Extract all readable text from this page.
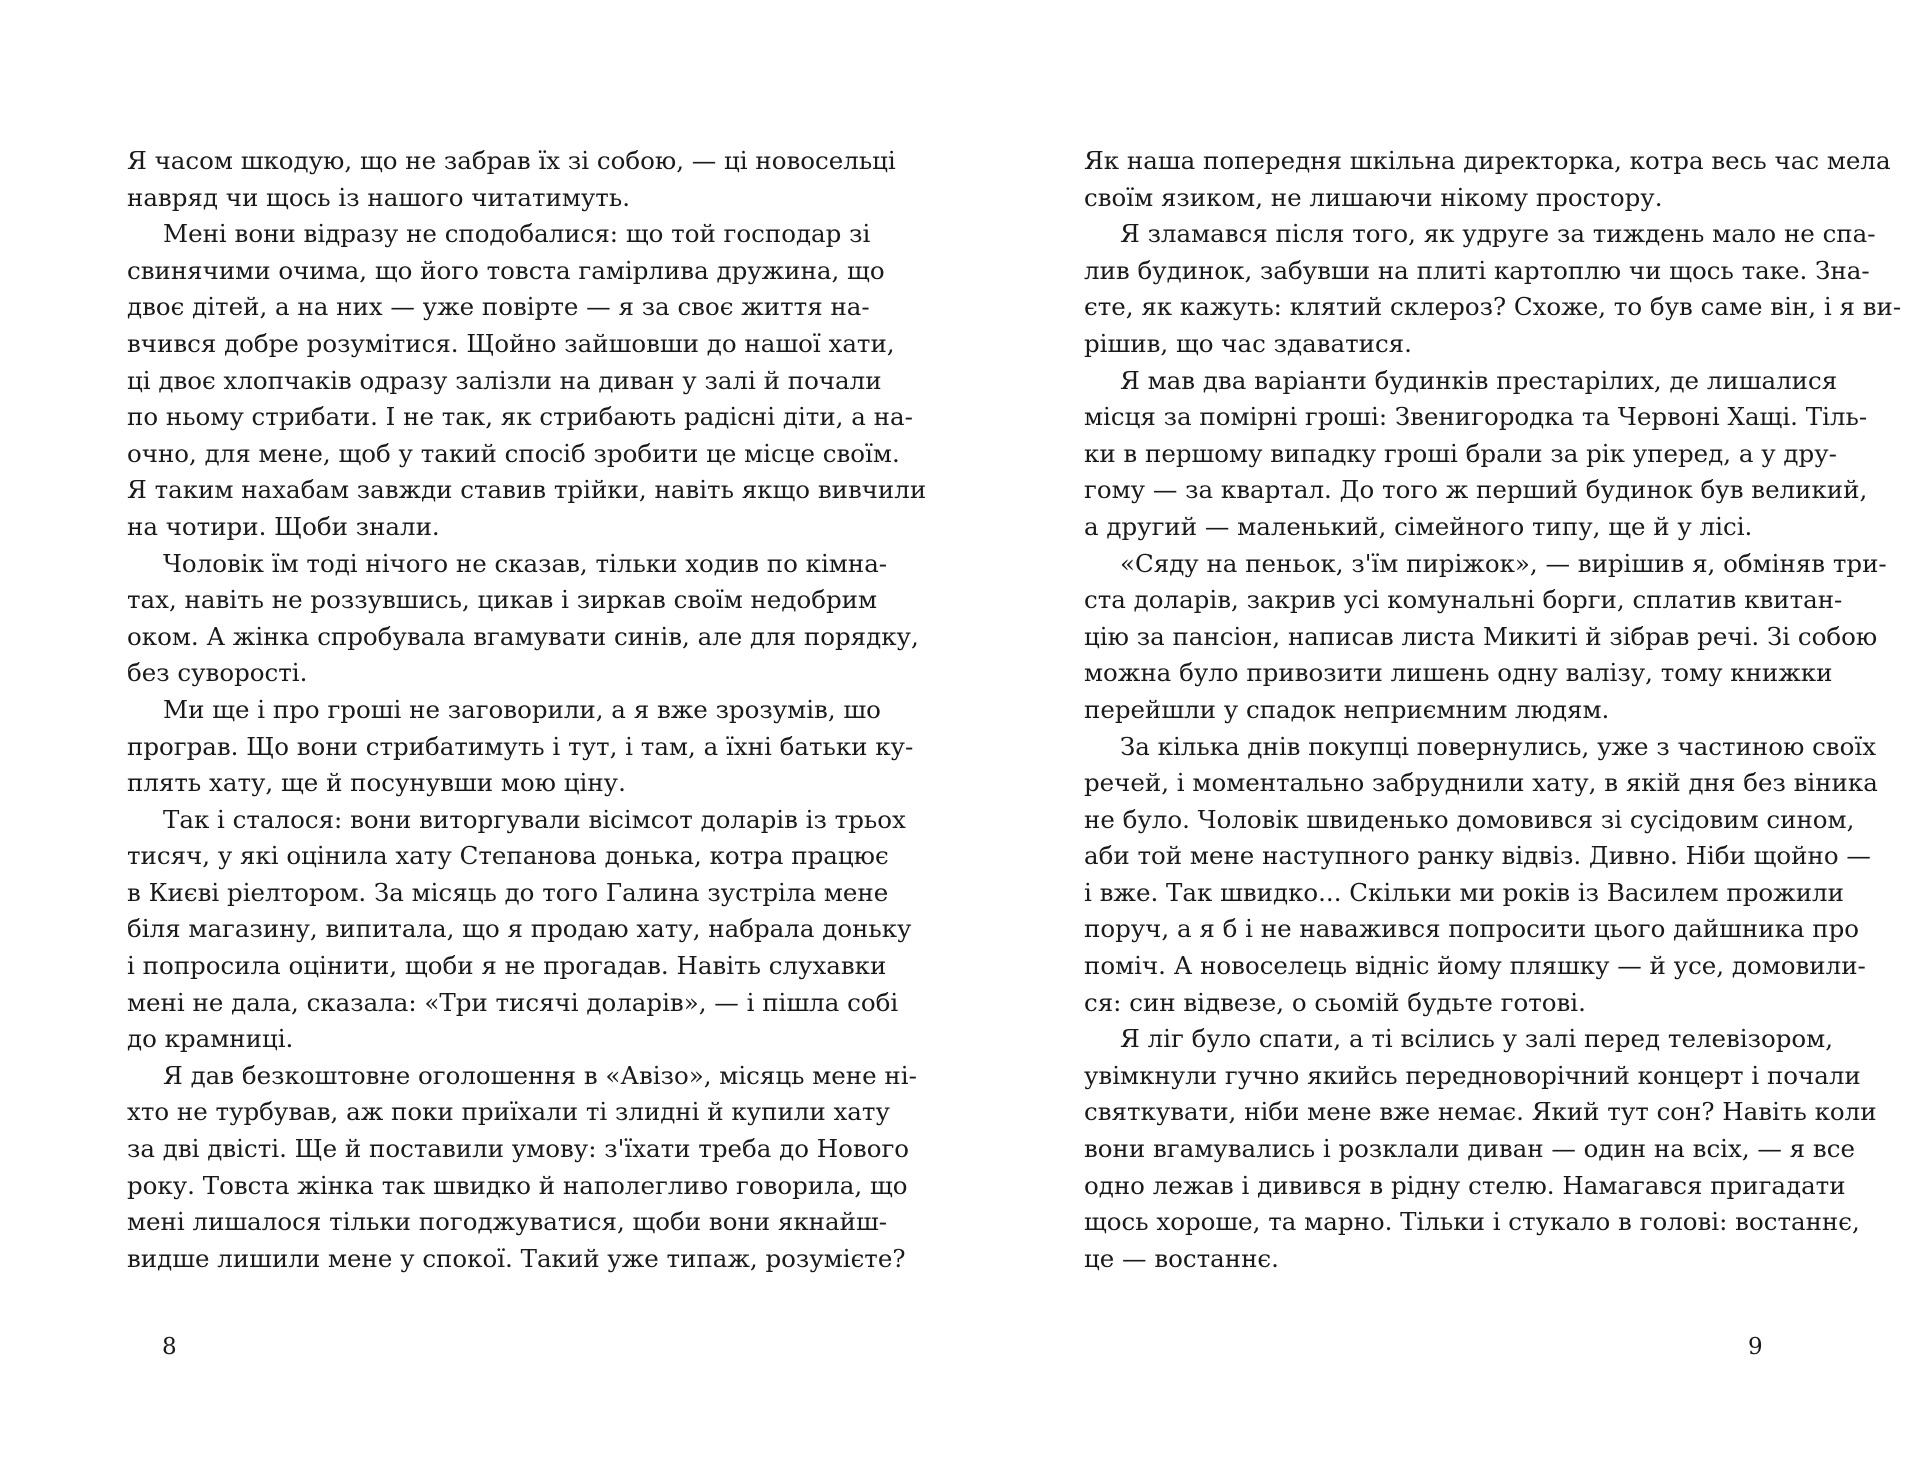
Я часом шкодую, що не забрав їх зі собою, — ці новосельці
навряд чи щось із нашого читатимуть.
Мені вони відразу не сподобалися: що той господар зі
свинячими очима, що його товста гамірлива дружина, що
двоє дітей, а на них — уже повірте — я за своє життя на-
вчився добре розумітися. Щойно зайшовши до нашої хати,
ці двоє хлопчаків одразу залізли на диван у залі й почали
по ньому стрибати. І не так, як стрибають радісні діти, а на-
очно, для мене, щоб у такий спосіб зробити це місце своїм.
Я таким нахабам завжди ставив трійки, навіть якщо вивчили
на чотири. Щоби знали.
Чоловік їм тоді нічого не сказав, тільки ходив по кімна-
тах, навіть не роззувшись, цикав і зиркав своїм недобрим
оком. А жінка спробувала вгамувати синів, але для порядку,
без суворості.
Ми ще і про гроші не заговорили, а я вже зрозумів, шо
програв. Що вони стрибатимуть і тут, і там, а їхні батьки ку-
плять хату, ще й посунувши мою ціну.
Так і сталося: вони виторгували вісімсот доларів із трьох
тисяч, у які оцінила хату Степанова донька, котра працює
в Києві ріелтором. За місяць до того Галина зустріла мене
біля магазину, випитала, що я продаю хату, набрала доньку
і попросила оцінити, щоби я не прогадав. Навіть слухавки
мені не дала, сказала: «Три тисячі доларів», — і пішла собі
до крамниці.
Я дав безкоштовне оголошення в «Авізо», місяць мене ні-
хто не турбував, аж поки приїхали ті злидні й купили хату
за дві двісті. Ще й поставили умову: з'їхати треба до Нового
року. Товста жінка так швидко й наполегливо говорила, що
мені лишалося тільки погоджуватися, щоби вони якнайш-
видше лишили мене у спокої. Такий уже типаж, розумієте?
Як наша попередня шкільна директорка, котра весь час мела
своїм язиком, не лишаючи нікому простору.
Я зламався після того, як удруге за тиждень мало не спа-
лив будинок, забувши на плиті картоплю чи щось таке. Зна-
єте, як кажуть: клятий склероз? Схоже, то був саме він, і я ви-
рішив, що час здаватися.
Я мав два варіанти будинків престарілих, де лишалися
місця за помірні гроші: Звенигородка та Червоні Хащі. Тіль-
ки в першому випадку гроші брали за рік уперед, а у дру-
гому — за квартал. До того ж перший будинок був великий,
а другий — маленький, сімейного типу, ще й у лісі.
«Сяду на пеньок, з'їм пиріжок», — вирішив я, обміняв три-
ста доларів, закрив усі комунальні борги, сплатив квитан-
цію за пансіон, написав листа Микиті й зібрав речі. Зі собою
можна було привозити лишень одну валізу, тому книжки
перейшли у спадок неприємним людям.
За кілька днів покупці повернулись, уже з частиною своїх
речей, і моментально забруднили хату, в якій дня без віника
не було. Чоловік швиденько домовився зі сусідовим сином,
аби той мене наступного ранку відвіз. Дивно. Ніби щойно —
і вже. Так швидко... Скільки ми років із Василем прожили
поруч, а я б і не наважився попросити цього дайшника про
поміч. А новоселець відніс йому пляшку — й усе, домовили-
ся: син відвезе, о сьомій будьте готові.
Я ліг було спати, а ті всілись у залі перед телевізором,
увімкнули гучно якийсь передноворічний концерт і почали
святкувати, ніби мене вже немає. Який тут сон? Навіть коли
вони вгамувались і розклали диван — один на всіх, — я все
одно лежав і дивився в рідну стелю. Намагався пригадати
щось хороше, та марно. Тільки і стукало в голові: востаннє,
це — востаннє.
8	9
